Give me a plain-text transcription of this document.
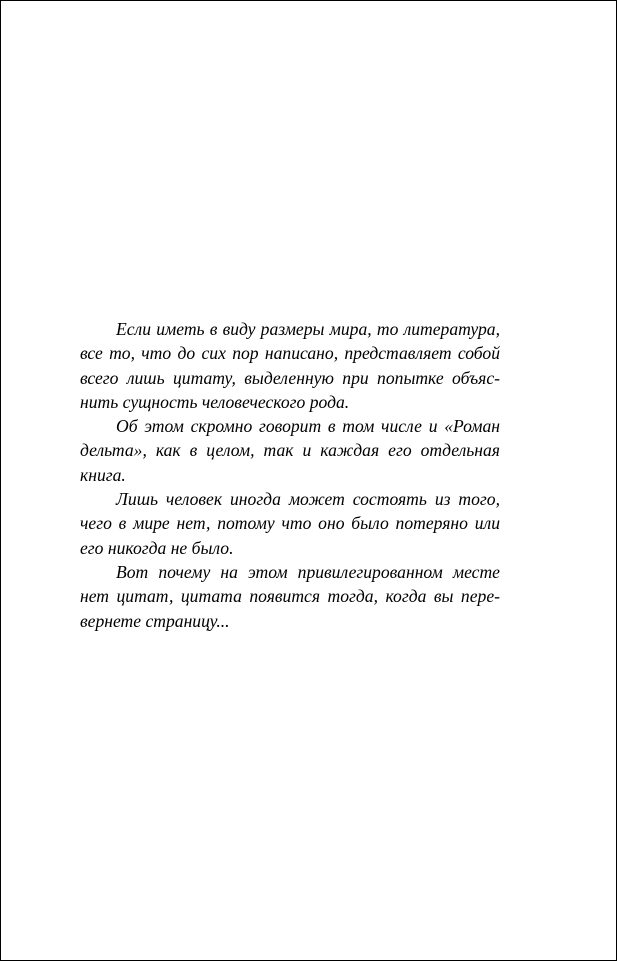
Если иметь в виду размеры мира, то литература,
все то, что до сих пор написано, представляет собой
всего лишь цитату, выделенную при попытке объяс-
нить сущность человеческого рода.
Об этом скромно говорит в том числе и «Роман
дельта», как в целом, так и каждая его отдельная
книга.
Лишь человек иногда может состоять из того,
чего в мире нет, потому что оно было потеряно или
его никогда не было.
Вот почему на этом привилегированном месте
нет цитат, цитата появится тогда, когда вы пере-
вернете страницу...
